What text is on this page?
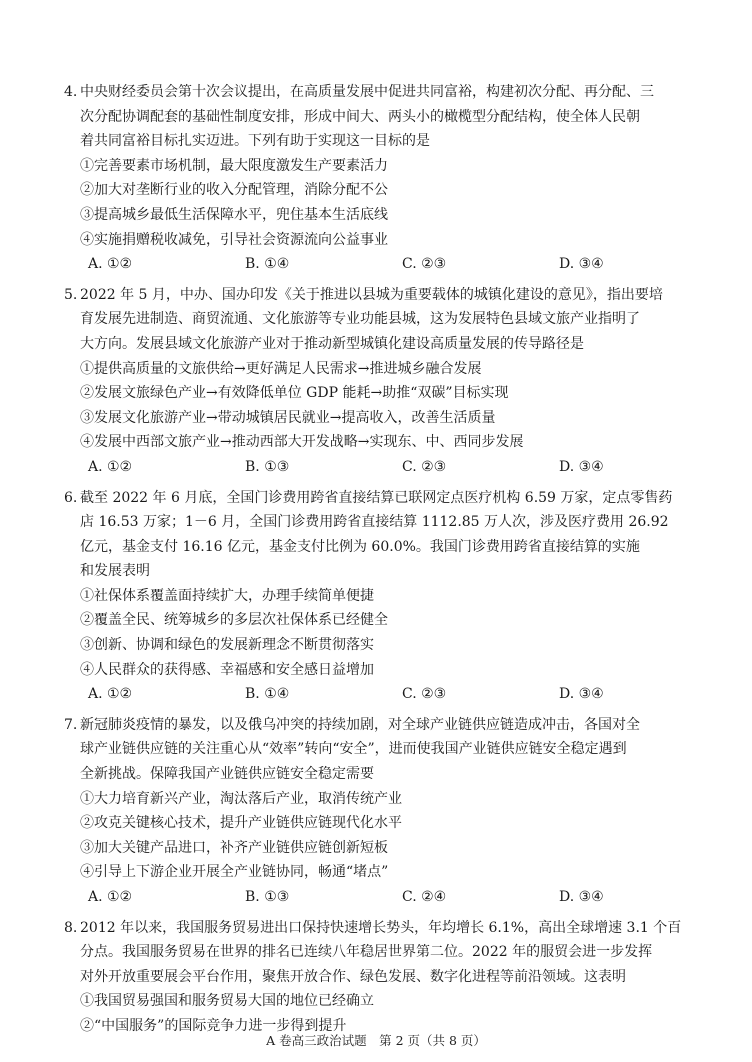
4. 中央财经委员会第十次会议提出，在高质量发展中促进共同富裕，构建初次分配、再分配、三
次分配协调配套的基础性制度安排，形成中间大、两头小的橄榄型分配结构，使全体人民朝
着共同富裕目标扎实迈进。下列有助于实现这一目标的是
①完善要素市场机制，最大限度激发生产要素活力
②加大对垄断行业的收入分配管理，消除分配不公
③提高城乡最低生活保障水平，兜住基本生活底线
④实施捐赠税收减免，引导社会资源流向公益事业
A. ①②	B. ①④	C. ②③	D. ③④
5. 2022 年 5 月，中办、国办印发《关于推进以县城为重要载体的城镇化建设的意见》，指出要培
育发展先进制造、商贸流通、文化旅游等专业功能县城，这为发展特色县域文旅产业指明了
大方向。发展县域文化旅游产业对于推动新型城镇化建设高质量发展的传导路径是
①提供高质量的文旅供给→更好满足人民需求→推进城乡融合发展
②发展文旅绿色产业→有效降低单位 GDP 能耗→助推“双碳”目标实现
③发展文化旅游产业→带动城镇居民就业→提高收入，改善生活质量
④发展中西部文旅产业→推动西部大开发战略→实现东、中、西同步发展
A. ①②	B. ①③	C. ②③	D. ③④
6. 截至 2022 年 6 月底，全国门诊费用跨省直接结算已联网定点医疗机构 6.59 万家，定点零售药
店 16.53 万家；1－6 月，全国门诊费用跨省直接结算 1112.85 万人次，涉及医疗费用 26.92
亿元，基金支付 16.16 亿元，基金支付比例为 60.0%。我国门诊费用跨省直接结算的实施
和发展表明
①社保体系覆盖面持续扩大，办理手续简单便捷
②覆盖全民、统筹城乡的多层次社保体系已经健全
③创新、协调和绿色的发展新理念不断贯彻落实
④人民群众的获得感、幸福感和安全感日益增加
A. ①②	B. ①④	C. ②③	D. ③④
7. 新冠肺炎疫情的暴发，以及俄乌冲突的持续加剧，对全球产业链供应链造成冲击，各国对全
球产业链供应链的关注重心从“效率”转向“安全”，进而使我国产业链供应链安全稳定遇到
全新挑战。保障我国产业链供应链安全稳定需要
①大力培育新兴产业，淘汰落后产业，取消传统产业
②攻克关键核心技术，提升产业链供应链现代化水平
③加大关键产品进口，补齐产业链供应链创新短板
④引导上下游企业开展全产业链协同，畅通“堵点”
A. ①②	B. ①③	C. ②④	D. ③④
8. 2012 年以来，我国服务贸易进出口保持快速增长势头，年均增长 6.1%，高出全球增速 3.1 个百
分点。我国服务贸易在世界的排名已连续八年稳居世界第二位。2022 年的服贸会进一步发挥
对外开放重要展会平台作用，聚焦开放合作、绿色发展、数字化进程等前沿领域。这表明
①我国贸易强国和服务贸易大国的地位已经确立
②“中国服务”的国际竞争力进一步得到提升
A 卷高三政治试题　第 2 页（共 8 页）
